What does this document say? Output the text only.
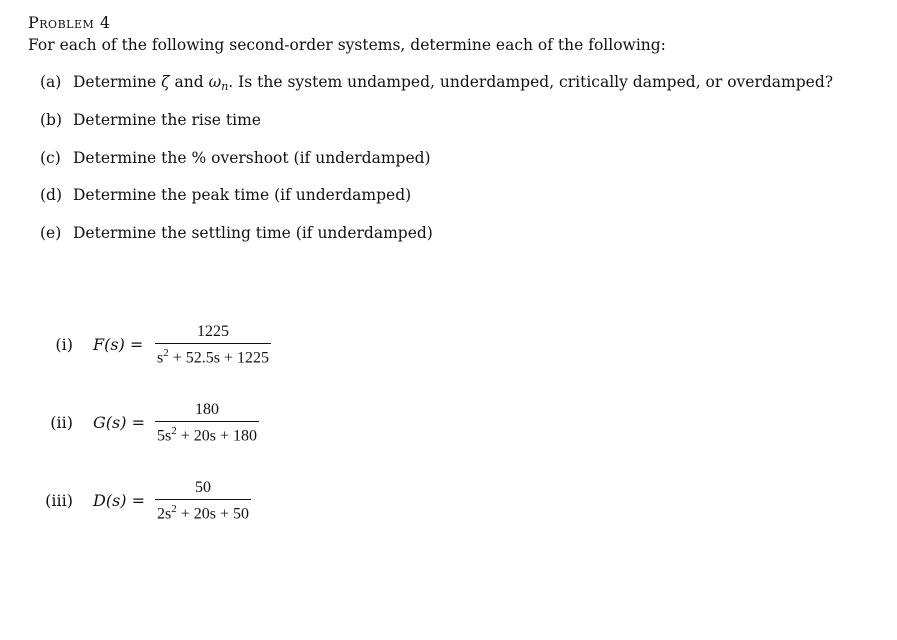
Problem 4
For each of the following second-order systems, determine each of the following:
(a) Determine ζ and $\omega_n$. Is the system undamped, underdamped, critically damped, or overdamped?
(b) Determine the rise time
(c) Determine the % overshoot (if underdamped)
(d) Determine the peak time (if underdamped)
(e) Determine the settling time (if underdamped)
(i) $F(s) = \frac{1225}{s^2 + 52.5s + 1225}$
(ii) $G(s) = \frac{180}{5s^2 + 20s + 180}$
(iii) $D(s) = \frac{50}{2s^2 + 20s + 50}$
